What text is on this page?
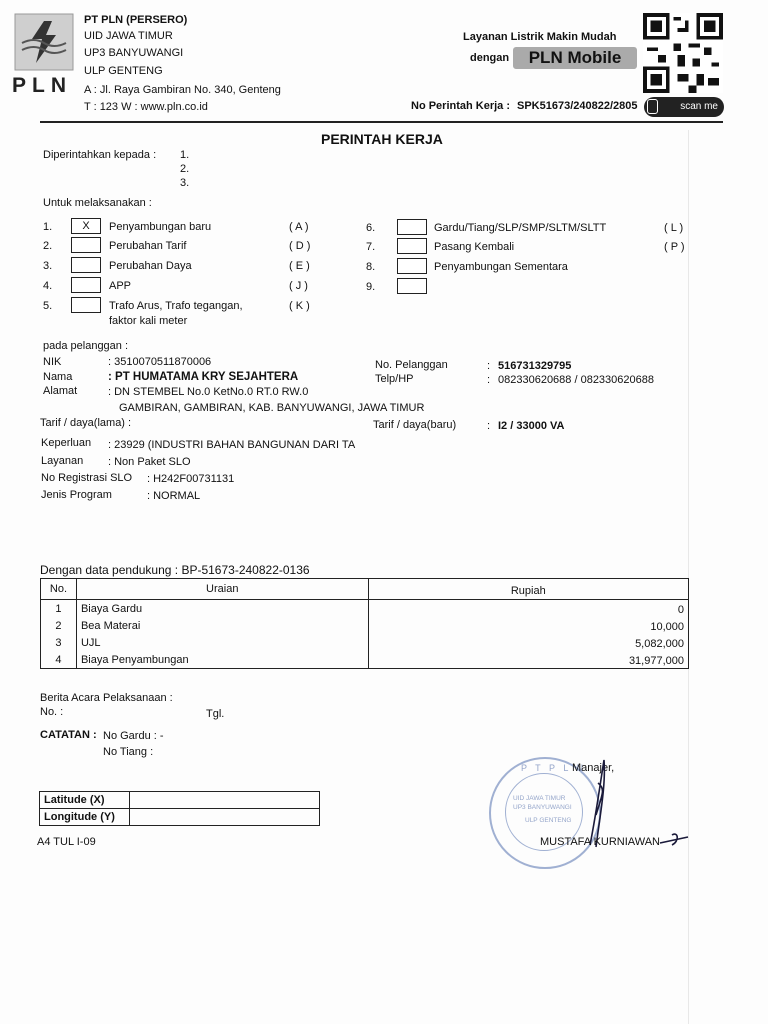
PLN
PT PLN (PERSERO)
UID JAWA TIMUR
UP3 BANYUWANGI
ULP GENTENG
A : Jl. Raya Gambiran No. 340, Genteng
T : 123 W : www.pln.co.id
Layanan Listrik Makin Mudah
dengan	PLN Mobile
scan me
No Perintah Kerja : SPK51673/240822/2805
PERINTAH KERJA
Diperintahkan kepada : 1.
2.
3.
Untuk melaksanakan :
1.	X	Penyambungan baru	( A )
2.	Perubahan Tarif	( D )
3.	Perubahan Daya	( E )
4.	APP	( J )
5.	Trafo Arus, Trafo tegangan,
faktor kali meter
( K )
6.	Gardu/Tiang/SLP/SMP/SLTM/SLTT	( L )
7.	Pasang Kembali	( P )
8.	Penyambungan Sementara
9.
pada pelanggan :
NIK	: 3510070511870006
Nama	: PT HUMATAMA KRY SEJAHTERA
Alamat	: DN STEMBEL No.0 KetNo.0 RT.0 RW.0
GAMBIRAN, GAMBIRAN, KAB. BANYUWANGI, JAWA TIMUR
No. Pelanggan	: 516731329795
Telp/HP	: 082330620688 / 082330620688
Tarif / daya(lama) :	Tarif / daya(baru)	: I2 / 33000 VA
Keperluan : 23929 (INDUSTRI BAHAN BANGUNAN DARI TA
Layanan : Non Paket SLO
No Registrasi SLO : H242F00731131
Jenis Program	: NORMAL
Dengan data pendukung : BP-51673-240822-0136
No.	Uraian	Rupiah
1	Biaya Gardu	0
2	Bea Materai	10,000
3	UJL	5,082,000
4	Biaya Penyambungan	31,977,000
Berita Acara Pelaksanaan :
No. :	Tgl.
CATATAN : No Gardu : -
No Tiang :
Latitude (X)	
Longitude (Y)	
A4 TUL I-09
P T P L N
UID JAWA TIMUR
UP3 BANYUWANGI
ULP GENTENG
Manajer,
MUSTAFA KURNIAWAN
